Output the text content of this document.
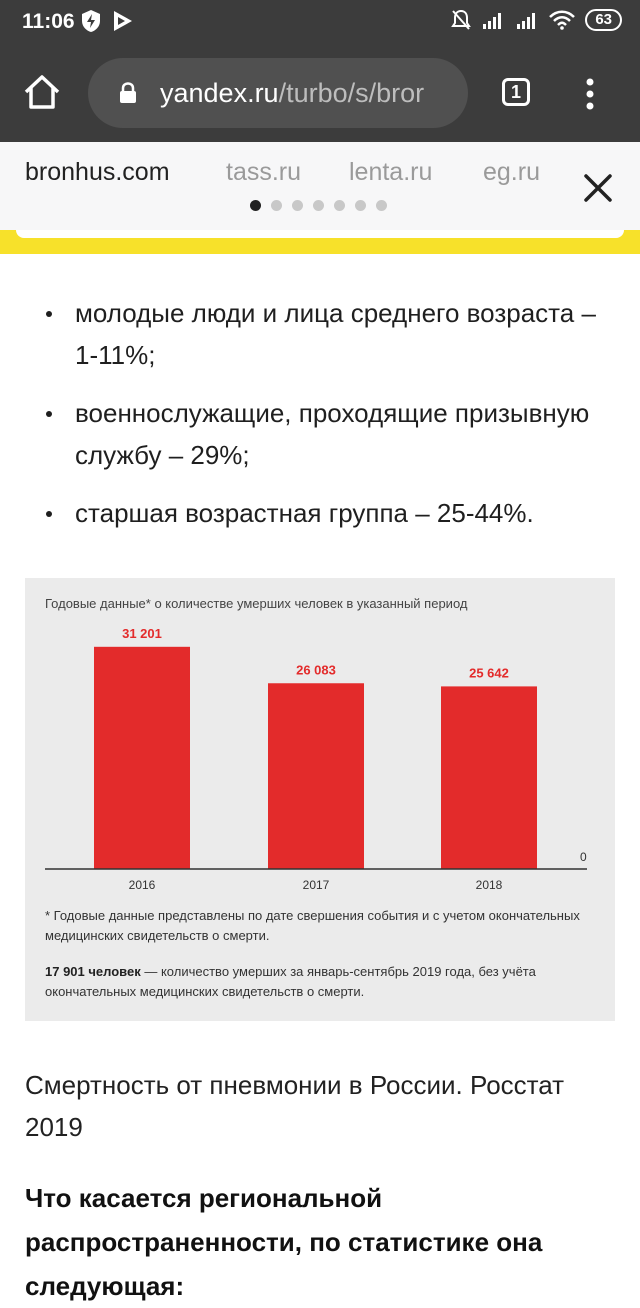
11:06	63
yandex.ru/turbo/s/bror	1
bronhus.com tass.ru lenta.ru eg.ru
молодые люди и лица среднего возраста – 1-11%;
военнослужащие, проходящие призывную службу – 29%;
старшая возрастная группа – 25-44%.
Годовые данные* о количестве умерших человек в указанный период
31 201
2016
26 083
2017
25 642
2018
0
* Годовые данные представлены по дате свершения события и с учетом окончательных медицинских свидетельств о смерти.
17 901 человек — количество умерших за январь-сентябрь 2019 года, без учёта окончательных медицинских свидетельств о смерти.
Смертность от пневмонии в России. Росстат 2019
Что касается региональной распространенности, по статистике она следующая:
